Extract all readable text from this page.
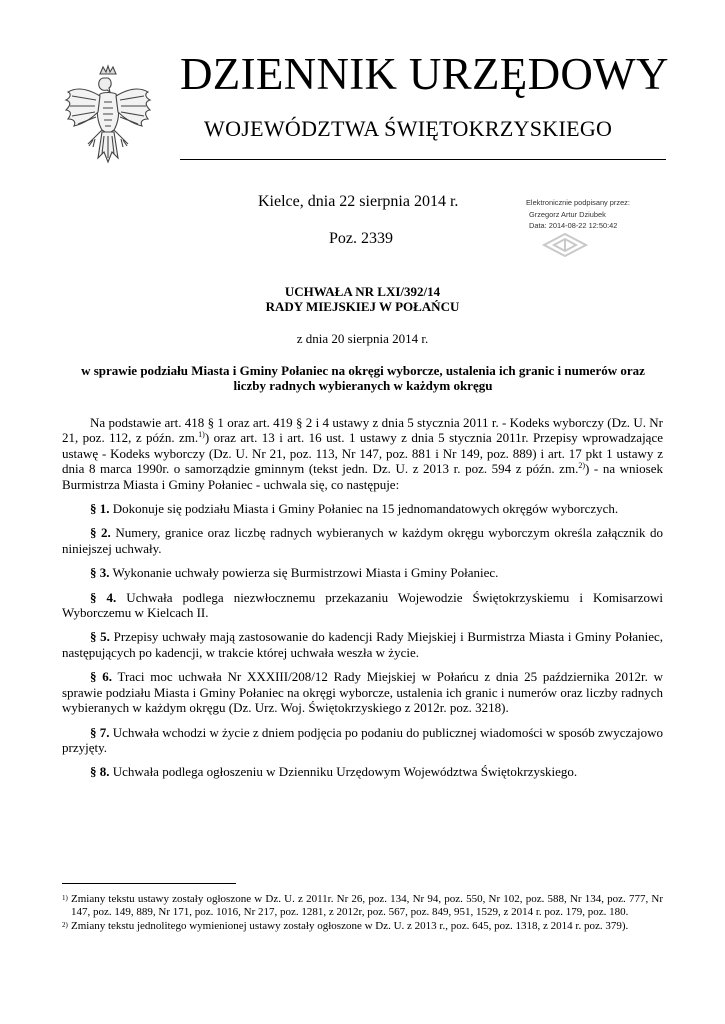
DZIENNIK URZĘDOWY
WOJEWÓDZTWA ŚWIĘTOKRZYSKIEGO
Kielce, dnia 22 sierpnia 2014 r.
Poz. 2339
Elektronicznie podpisany przez:
Grzegorz Artur Dziubek
Data: 2014-08-22 12:50:42
UCHWAŁA NR LXI/392/14
RADY MIEJSKIEJ W POŁAŃCU
z dnia 20 sierpnia 2014 r.
w sprawie podziału Miasta i Gminy Połaniec na okręgi wyborcze, ustalenia ich granic i numerów oraz liczby radnych wybieranych w każdym okręgu

Na podstawie art. 418 § 1 oraz art. 419 § 2 i 4 ustawy z dnia 5 stycznia 2011 r. - Kodeks wyborczy (Dz. U. Nr 21, poz. 112, z późn. zm.$^{1)}$) oraz art. 13 i art. 16 ust. 1 ustawy z dnia 5 stycznia 2011r. Przepisy wprowadzające ustawę - Kodeks wyborczy (Dz. U. Nr 21, poz. 113, Nr 147, poz. 881 i Nr 149, poz. 889) i art. 17 pkt 1 ustawy z dnia 8 marca 1990r. o samorządzie gminnym (tekst jedn. Dz. U. z 2013 r. poz. 594 z późn. zm.$^{2)}$) - na wniosek Burmistrza Miasta i Gminy Połaniec - uchwala się, co następuje:

§ 1. Dokonuje się podziału Miasta i Gminy Połaniec na 15 jednomandatowych okręgów wyborczych.

§ 2. Numery, granice oraz liczbę radnych wybieranych w każdym okręgu wyborczym określa załącznik do niniejszej uchwały.

§ 3. Wykonanie uchwały powierza się Burmistrzowi Miasta i Gminy Połaniec.

§ 4. Uchwała podlega niezwłocznemu przekazaniu Wojewodzie Świętokrzyskiemu i Komisarzowi Wyborczemu w Kielcach II.

§ 5. Przepisy uchwały mają zastosowanie do kadencji Rady Miejskiej i Burmistrza Miasta i Gminy Połaniec, następujących po kadencji, w trakcie której uchwała weszła w życie.

§ 6. Traci moc uchwała Nr XXXIII/208/12 Rady Miejskiej w Połańcu z dnia 25 października 2012r. w sprawie podziału Miasta i Gminy Połaniec na okręgi wyborcze, ustalenia ich granic i numerów oraz liczby radnych wybieranych w każdym okręgu (Dz. Urz. Woj. Świętokrzyskiego z 2012r. poz. 3218).

§ 7. Uchwała wchodzi w życie z dniem podjęcia po podaniu do publicznej wiadomości w sposób zwyczajowo przyjęty.

§ 8. Uchwała podlega ogłoszeniu w Dzienniku Urzędowym Województwa Świętokrzyskiego.

1) Zmiany tekstu ustawy zostały ogłoszone w Dz. U. z 2011r. Nr 26, poz. 134, Nr 94, poz. 550, Nr 102, poz. 588, Nr 134, poz. 777, Nr 147, poz. 149, 889, Nr 171, poz. 1016, Nr 217, poz. 1281, z 2012r, poz. 567, poz. 849, 951, 1529, z 2014 r. poz. 179, poz. 180.
2) Zmiany tekstu jednolitego wymienionej ustawy zostały ogłoszone w Dz. U. z 2013 r., poz. 645, poz. 1318, z 2014 r. poz. 379).
